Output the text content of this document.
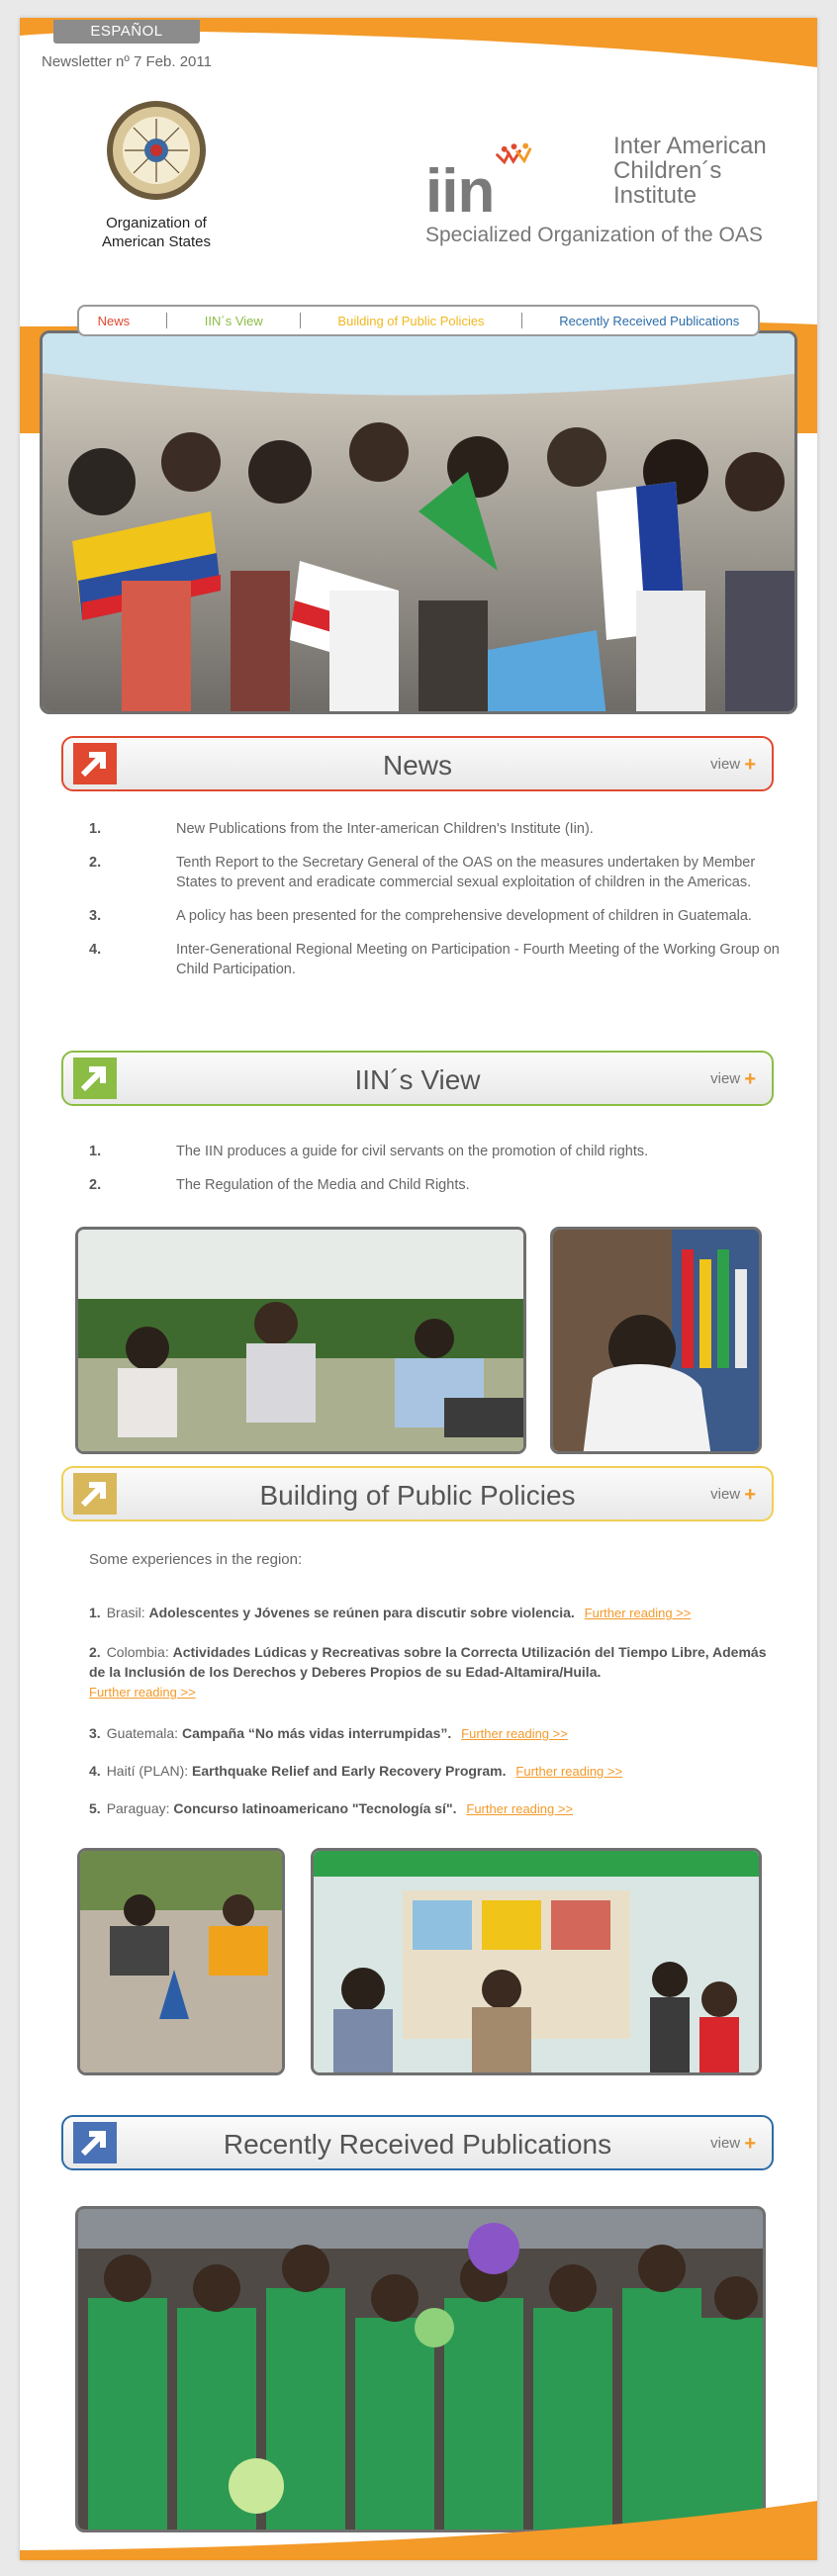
ESPAÑOL
Newsletter nº 7 Feb. 2011
Organization of
American States
iin
Inter American
Children´s
Institute
Specialized Organization of the OAS
News	IIN´s View	Building of Public Policies	Recently Received Publications
News	view +
1.	New Publications from the Inter-american Children's Institute (Iin).
2.	Tenth Report to the Secretary General of the OAS on the measures undertaken by Member States to prevent and eradicate commercial sexual exploitation of children in the Americas.
3.	A policy has been presented for the comprehensive development of children in Guatemala.
4.	Inter-Generational Regional Meeting on Participation - Fourth Meeting of the Working Group on Child Participation.
IIN´s View	view +
1.	The IIN produces a guide for civil servants on the promotion of child rights.
2.	The Regulation of the Media and Child Rights.
Building of Public Policies	view +
Some experiences in the region:
1. Brasil: Adolescentes y Jóvenes se reúnen para discutir sobre violencia. Further reading >>
2. Colombia: Actividades Lúdicas y Recreativas sobre la Correcta Utilización del Tiempo Libre, Además de la Inclusión de los Derechos y Deberes Propios de su Edad-Altamira/Huila.
Further reading >>
3. Guatemala: Campaña “No más vidas interrumpidas”. Further reading >>
4. Haití (PLAN): Earthquake Relief and Early Recovery Program. Further reading >>
5. Paraguay: Concurso latinoamericano "Tecnología sí". Further reading >>
Recently Received Publications	view +
